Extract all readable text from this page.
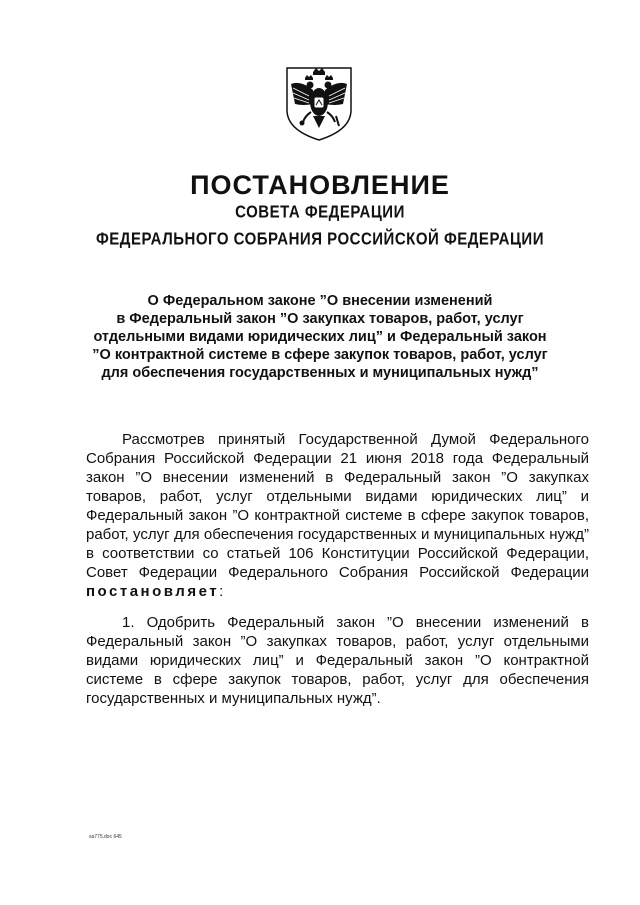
ПОСТАНОВЛЕНИЕ
СОВЕТА ФЕДЕРАЦИИ
ФЕДЕРАЛЬНОГО СОБРАНИЯ РОССИЙСКОЙ ФЕДЕРАЦИИ
О Федеральном законе ”О внесении изменений
в Федеральный закон ”О закупках товаров, работ, услуг
отдельными видами юридических лиц” и Федеральный закон
”О контрактной системе в сфере закупок товаров, работ, услуг
для обеспечения государственных и муниципальных нужд”
Рассмотрев принятый Государственной Думой Федерального Собрания Российской Федерации 21 июня 2018 года Федеральный закон ”О внесении изменений в Федеральный закон ”О закупках товаров, работ, услуг отдельными видами юридических лиц” и Федеральный закон ”О контрактной системе в сфере закупок товаров, работ, услуг для обеспечения государственных и муниципальных нужд” в соответствии со статьей 106 Конституции Российской Федерации, Совет Федерации Федерального Собрания Российской Федерации постановляет:
1. Одобрить Федеральный закон ”О внесении изменений в Федеральный закон ”О закупках товаров, работ, услуг отдельными видами юридических лиц” и Федеральный закон ”О контрактной системе в сфере закупок товаров, работ, услуг для обеспечения государственных и муниципальных нужд”.
sa775.doc 645
